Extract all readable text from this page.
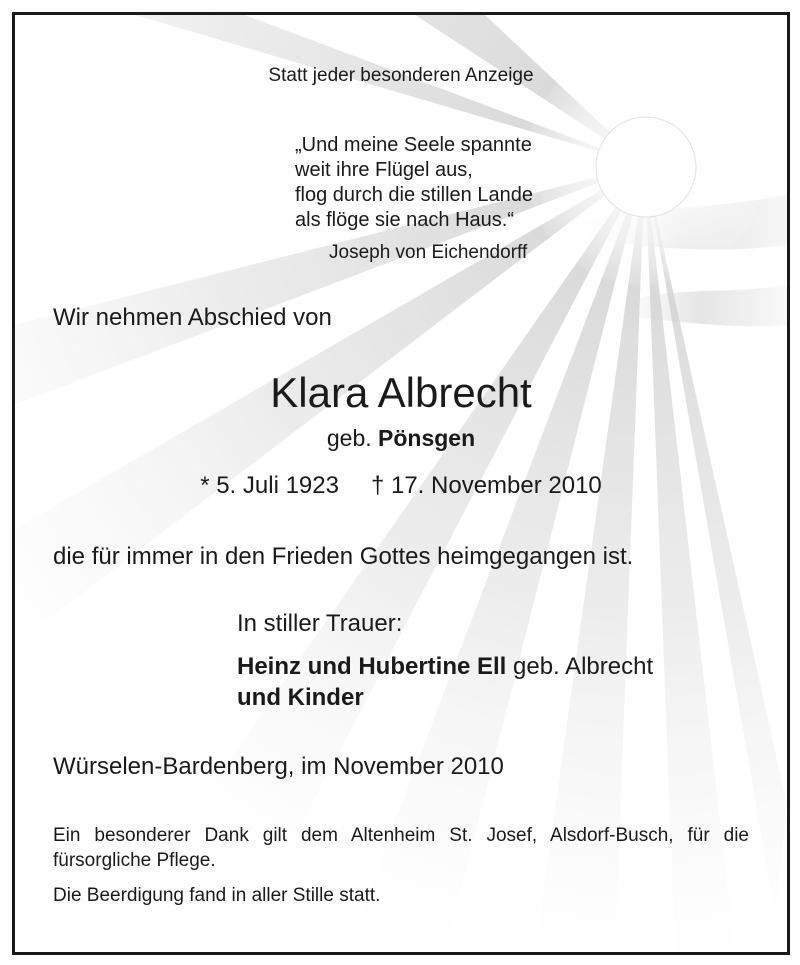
Statt jeder besonderen Anzeige

„Und meine Seele spannte
weit ihre Flügel aus,
flog durch die stillen Lande
als flöge sie nach Haus.“

Joseph von Eichendorff

Wir nehmen Abschied von

Klara Albrecht

geb. Pönsgen

* 5. Juli 1923 † 17. November 2010

die für immer in den Frieden Gottes heimgegangen ist.

In stiller Trauer:

Heinz und Hubertine Ell geb. Albrecht
und Kinder

Würselen-Bardenberg, im November 2010

Ein besonderer Dank gilt dem Altenheim St. Josef, Alsdorf-Busch, für die fürsorgliche Pflege.

Die Beerdigung fand in aller Stille statt.
